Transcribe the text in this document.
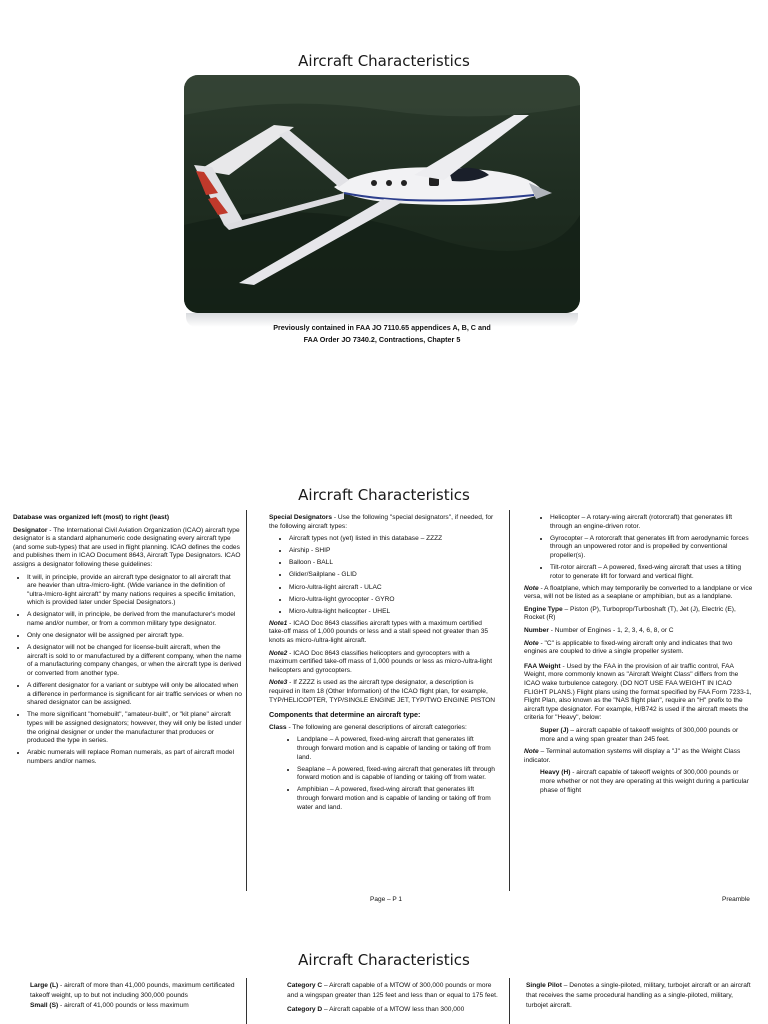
Aircraft Characteristics
Previously contained in FAA JO 7110.65 appendices A, B, C and
FAA Order JO 7340.2, Contractions, Chapter 5
Aircraft Characteristics

Database was organized left (most) to right (least)

Designator - The International Civil Aviation Organization (ICAO) aircraft type designator is a standard alphanumeric code designating every aircraft type (and some sub-types) that are used in flight planning. ICAO defines the codes and publishes them in ICAO Document 8643, Aircraft Type Designators. ICAO assigns a designator following these guidelines:

• It will, in principle, provide an aircraft type designator to all aircraft that are heavier than ultra-/micro-light. (Wide variance in the definition of "ultra-/micro-light aircraft" by many nations requires a specific limitation, which is provided later under Special Designators.)
• A designator will, in principle, be derived from the manufacturer's model name and/or number, or from a common military type designator.
• Only one designator will be assigned per aircraft type.
• A designator will not be changed for license-built aircraft, when the aircraft is sold to or manufactured by a different company, when the name of a manufacturing company changes, or when the aircraft type is derived or converted from another type.
• A different designator for a variant or subtype will only be allocated when a difference in performance is significant for air traffic services or when no shared designator can be assigned.
• The more significant "homebuilt", "amateur-built", or "kit plane" aircraft types will be assigned designators; however, they will only be listed under the original designer or under the manufacturer that produces or produced the type in series.
• Arabic numerals will replace Roman numerals, as part of aircraft model numbers and/or names.

Special Designators - Use the following "special designators", if needed, for the following aircraft types:

• Aircraft types not (yet) listed in this database – ZZZZ
• Airship - SHIP
• Balloon - BALL
• Glider/Sailplane - GLID
• Micro-/ultra-light aircraft - ULAC
• Micro-/ultra-light gyrocopter - GYRO
• Micro-/ultra-light helicopter - UHEL

Note1 - ICAO Doc 8643 classifies aircraft types with a maximum certified take-off mass of 1,000 pounds or less and a stall speed not greater than 35 knots as micro-/ultra-light aircraft.

Note2 - ICAO Doc 8643 classifies helicopters and gyrocopters with a maximum certified take-off mass of 1,000 pounds or less as micro-/ultra-light helicopters and gyrocopters.

Note3 - If ZZZZ is used as the aircraft type designator, a description is required in Item 18 (Other Information) of the ICAO flight plan, for example, TYP/HELICOPTER, TYP/SINGLE ENGINE JET, TYP/TWO ENGINE PISTON

Components that determine an aircraft type:

Class - The following are general descriptions of aircraft categories:

• Landplane – A powered, fixed-wing aircraft that generates lift through forward motion and is capable of landing or taking off from land.
• Seaplane – A powered, fixed-wing aircraft that generates lift through forward motion and is capable of landing or taking off from water.
• Amphibian – A powered, fixed-wing aircraft that generates lift through forward motion and is capable of landing or taking off from water and land.
• Helicopter – A rotary-wing aircraft (rotorcraft) that generates lift through an engine-driven rotor.
• Gyrocopter – A rotorcraft that generates lift from aerodynamic forces through an unpowered rotor and is propelled by conventional propeller(s).
• Tilt-rotor aircraft – A powered, fixed-wing aircraft that uses a tilting rotor to generate lift for forward and vertical flight.

Note - A floatplane, which may temporarily be converted to a landplane or vice versa, will not be listed as a seaplane or amphibian, but as a landplane.

Engine Type – Piston (P), Turboprop/Turboshaft (T), Jet (J), Electric (E), Rocket (R)

Number - Number of Engines - 1, 2, 3, 4, 6, 8, or C

Note - "C" is applicable to fixed-wing aircraft only and indicates that two engines are coupled to drive a single propeller system.

FAA Weight - Used by the FAA in the provision of air traffic control, FAA Weight, more commonly known as "Aircraft Weight Class" differs from the ICAO wake turbulence category. (DO NOT USE FAA WEIGHT IN ICAO FLIGHT PLANS.) Flight plans using the format specified by FAA Form 7233-1, Flight Plan, also known as the "NAS flight plan", require an "H" prefix to the aircraft type designator. For example, H/B742 is used if the aircraft meets the criteria for "Heavy", below:

Super (J) – aircraft capable of takeoff weights of 300,000 pounds or more and a wing span greater than 245 feet.

Note – Terminal automation systems will display a "J" as the Weight Class indicator.

Heavy (H) - aircraft capable of takeoff weights of 300,000 pounds or more whether or not they are operating at this weight during a particular phase of flight

Page – P 1	Preamble
Aircraft Characteristics
Large (L) - aircraft of more than 41,000 pounds, maximum certificated takeoff weight, up to but not including 300,000 pounds
Small (S) - aircraft of 41,000 pounds or less maximum
Category C – Aircraft capable of a MTOW of 300,000 pounds or more and a wingspan greater than 125 feet and less than or equal to 175 feet.
Category D – Aircraft capable of a MTOW less than 300,000
Single Pilot – Denotes a single-piloted, military, turbojet aircraft or an aircraft that receives the same procedural handling as a single-piloted, military, turbojet aircraft.
